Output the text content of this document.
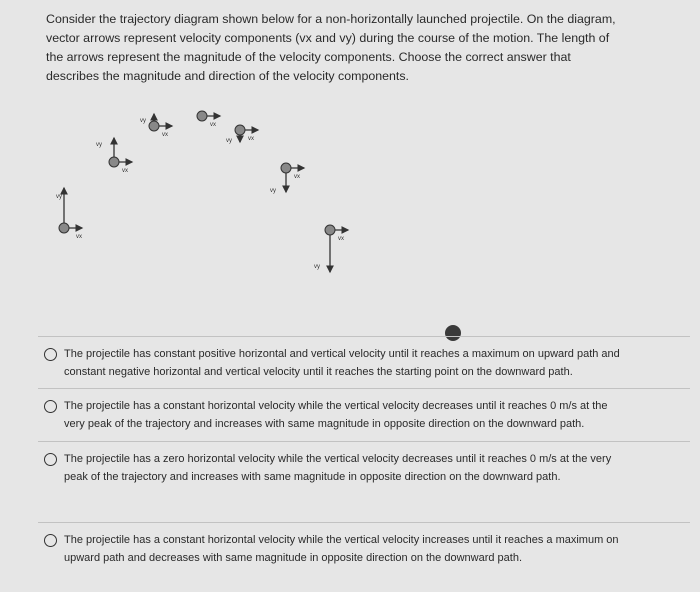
Consider the trajectory diagram shown below for a non-horizontally launched projectile. On the diagram,
vector arrows represent velocity components (vx and vy) during the course of the motion. The length of
the arrows represent the magnitude of the velocity components. Choose the correct answer that
describes the magnitude and direction of the velocity components.
vy
vx
vy
vx
vy
vx
vx
vy	vx
vy
vx
vy
vx
The projectile has constant positive horizontal and vertical velocity until it reaches a maximum on upward path and
constant negative horizontal and vertical velocity until it reaches the starting point on the downward path.
The projectile has a constant horizontal velocity while the vertical velocity decreases until it reaches 0 m/s at the
very peak of the trajectory and increases with same magnitude in opposite direction on the downward path.
The projectile has a zero horizontal velocity while the vertical velocity decreases until it reaches 0 m/s at the very
peak of the trajectory and increases with same magnitude in opposite direction on the downward path.
The projectile has a constant horizontal velocity while the vertical velocity increases until it reaches a maximum on
upward path and decreases with same magnitude in opposite direction on the downward path.
